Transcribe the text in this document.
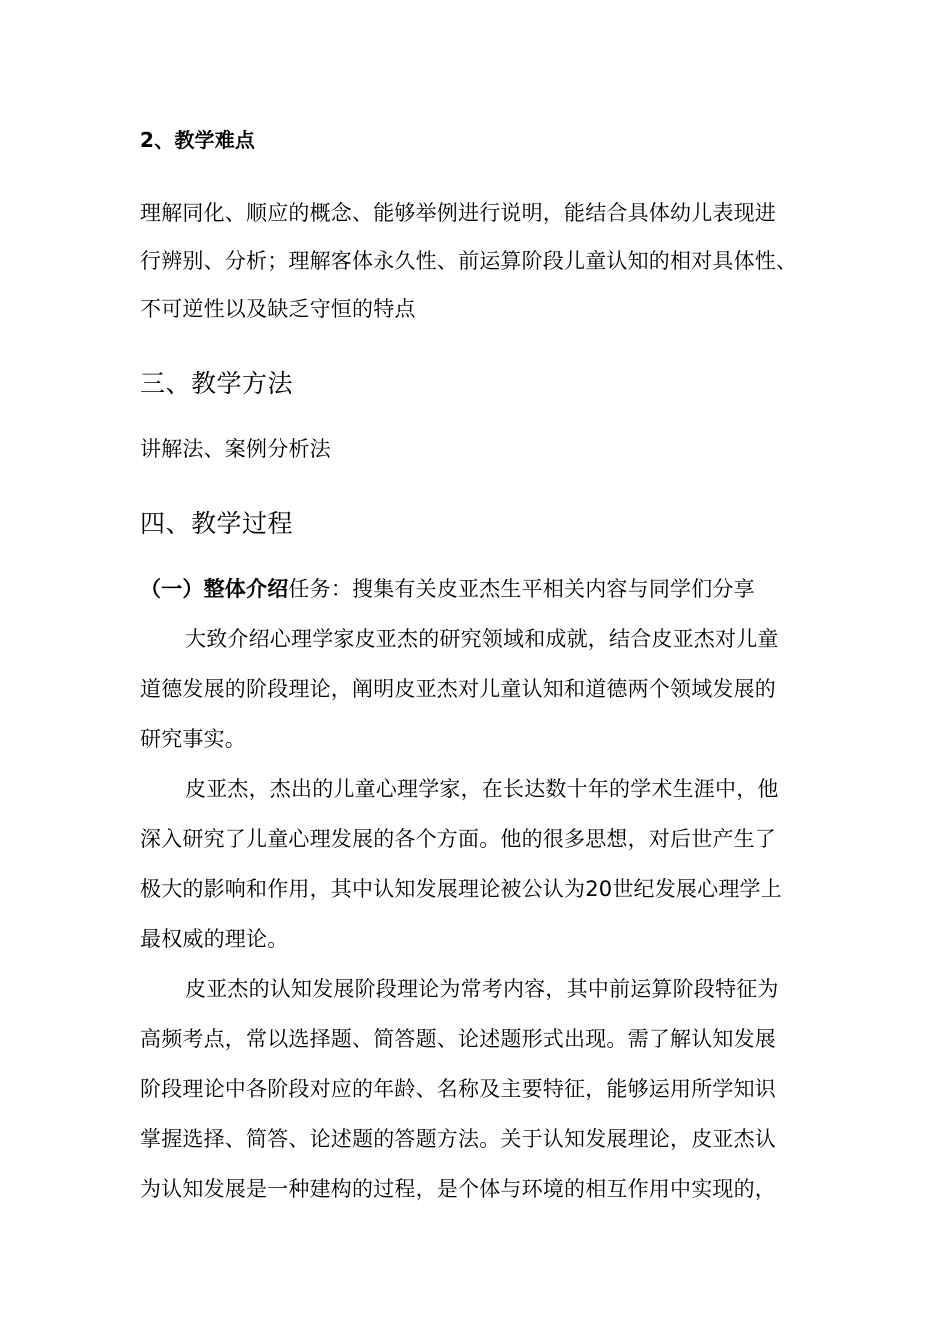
2、教学难点
理解同化、顺应的概念、能够举例进行说明，能结合具体幼儿表现进
行辨别、分析；理解客体永久性、前运算阶段儿童认知的相对具体性、
不可逆性以及缺乏守恒的特点
三、教学方法
讲解法、案例分析法
四、教学过程
（一）整体介绍任务：搜集有关皮亚杰生平相关内容与同学们分享
大致介绍心理学家皮亚杰的研究领域和成就，结合皮亚杰对儿童
道德发展的阶段理论，阐明皮亚杰对儿童认知和道德两个领域发展的
研究事实。
皮亚杰，杰出的儿童心理学家，在长达数十年的学术生涯中，他
深入研究了儿童心理发展的各个方面。他的很多思想，对后世产生了
极大的影响和作用，其中认知发展理论被公认为20世纪发展心理学上
最权威的理论。
皮亚杰的认知发展阶段理论为常考内容，其中前运算阶段特征为
高频考点，常以选择题、简答题、论述题形式出现。需了解认知发展
阶段理论中各阶段对应的年龄、名称及主要特征，能够运用所学知识
掌握选择、简答、论述题的答题方法。关于认知发展理论，皮亚杰认
为认知发展是一种建构的过程，是个体与环境的相互作用中实现的，
